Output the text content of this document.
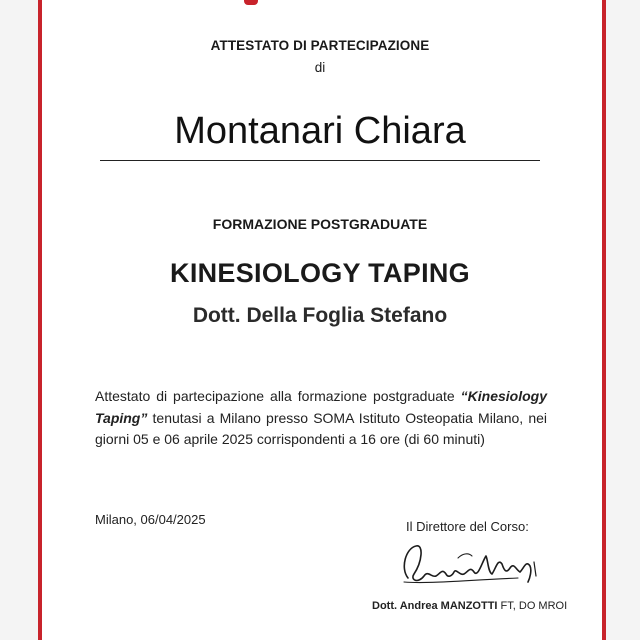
ATTESTATO DI PARTECIPAZIONE
di
Montanari Chiara
FORMAZIONE POSTGRADUATE
KINESIOLOGY TAPING
Dott. Della Foglia Stefano
Attestato di partecipazione alla formazione postgraduate “Kinesiology Taping” tenutasi a Milano presso SOMA Istituto Osteopatia Milano, nei giorni 05 e 06 aprile 2025 corrispondenti a 16 ore (di 60 minuti)
Milano, 06/04/2025	Il Direttore del Corso:
Dott. Andrea MANZOTTI FT, DO MROI
